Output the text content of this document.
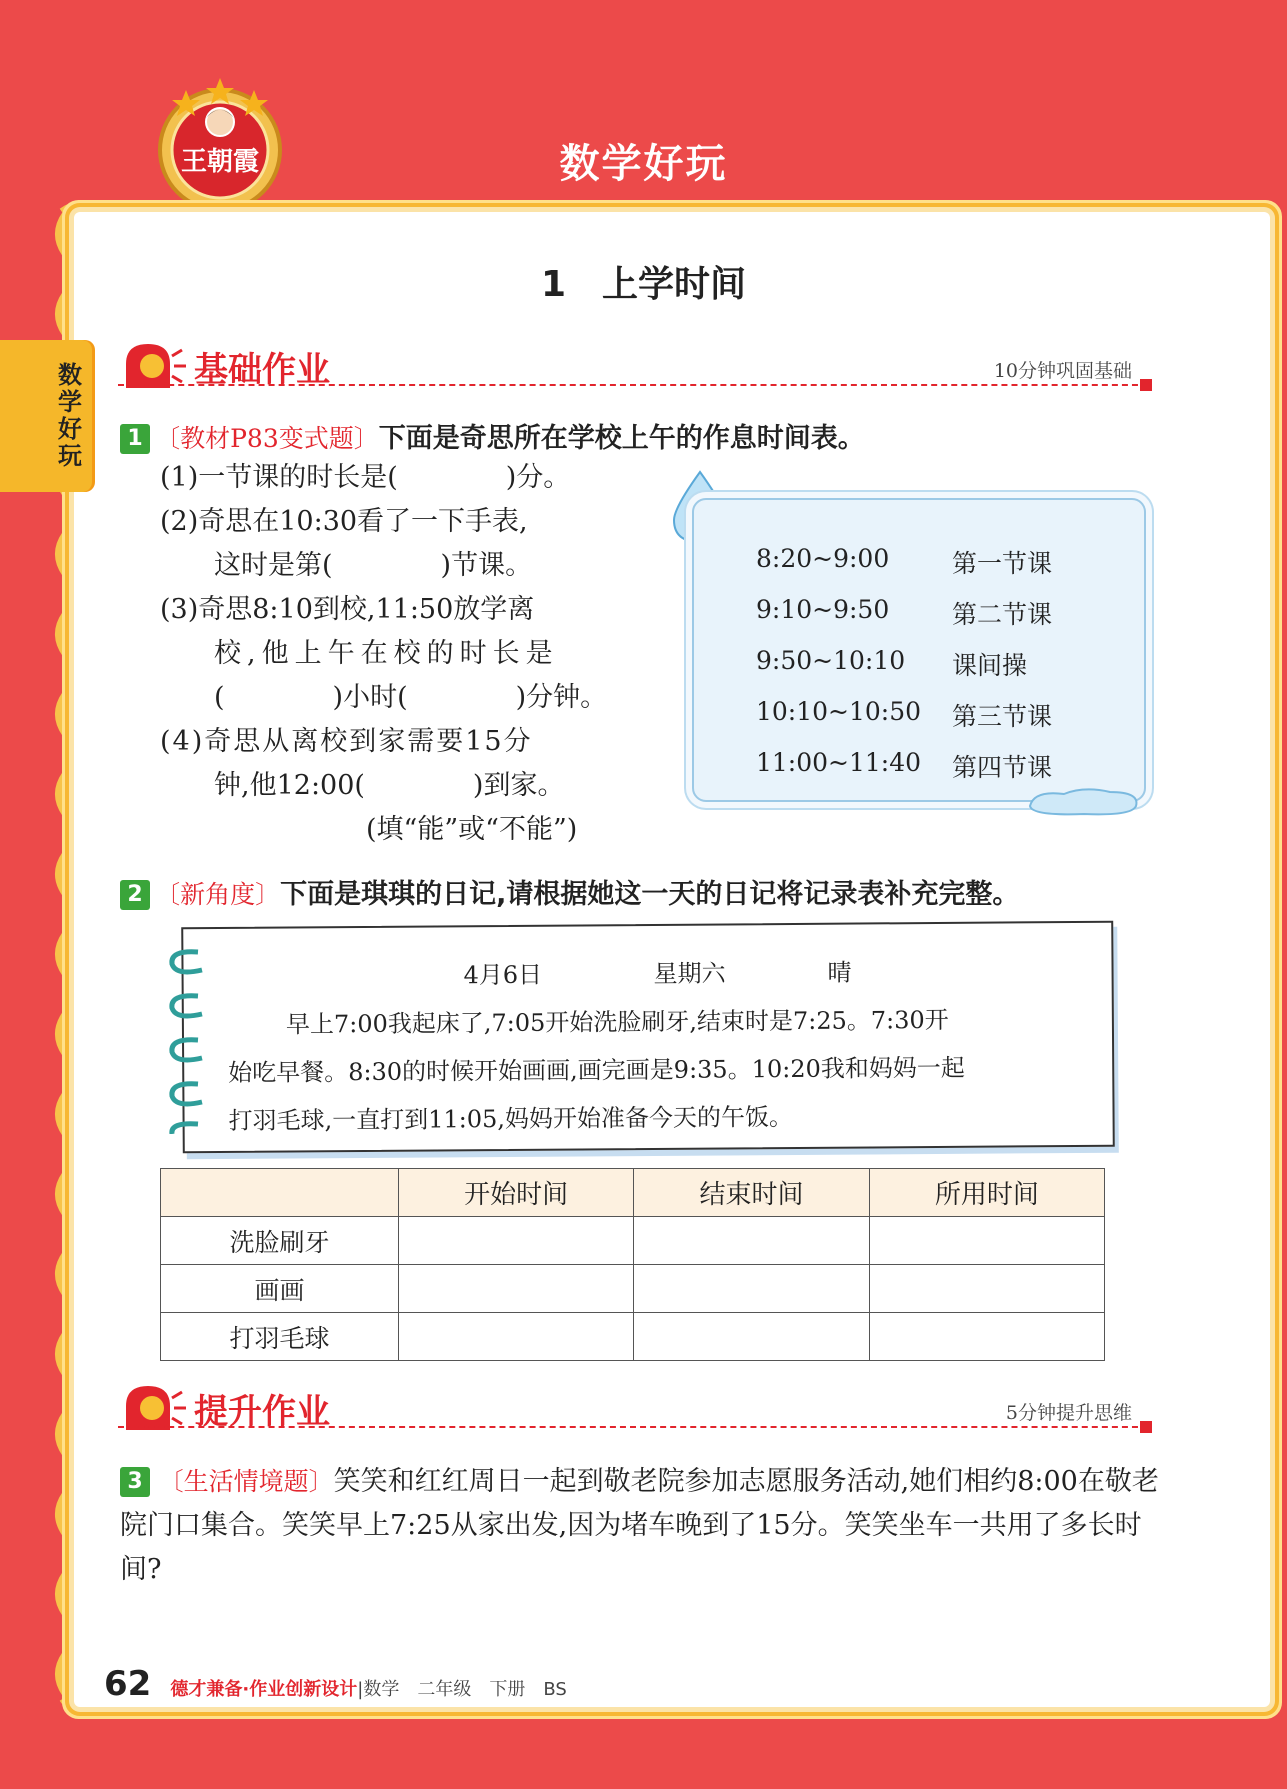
王朝霞	数学好玩
数学好玩
1　上学时间
基础作业	10分钟巩固基础
1 〔教材P83变式题〕下面是奇思所在学校上午的作息时间表。
(1)一节课的时长是(　　　　)分。
(2)奇思在10:30看了一下手表,
这时是第(　　　　)节课。
(3)奇思8:10到校,11:50放学离
校,他上午在校的时长是
(　　　　)小时(　　　　)分钟。
(4)奇思从离校到家需要15分
钟,他12:00(　　　　)到家。
(填“能”或“不能”)
8:20~9:00	第一节课
9:10~9:50	第二节课
9:50~10:10 课间操
10:10~10:50 第三节课
11:00~11:40 第四节课
2 〔新角度〕下面是琪琪的日记,请根据她这一天的日记将记录表补充完整。
4月6日	星期六	晴
早上7:00我起床了,7:05开始洗脸刷牙,结束时是7:25。7:30开
始吃早餐。8:30的时候开始画画,画完画是9:35。10:20我和妈妈一起
打羽毛球,一直打到11:05,妈妈开始准备今天的午饭。
	开始时间	结束时间	所用时间
洗脸刷牙			
画画			
打羽毛球			
提升作业	5分钟提升思维
3 〔生活情境题〕笑笑和红红周日一起到敬老院参加志愿服务活动,她们相约8:00在敬老院门口集合。笑笑早上7:25从家出发,因为堵车晚到了15分。笑笑坐车一共用了多长时间?
62 德才兼备·作业创新设计|数学　二年级　下册　BS
